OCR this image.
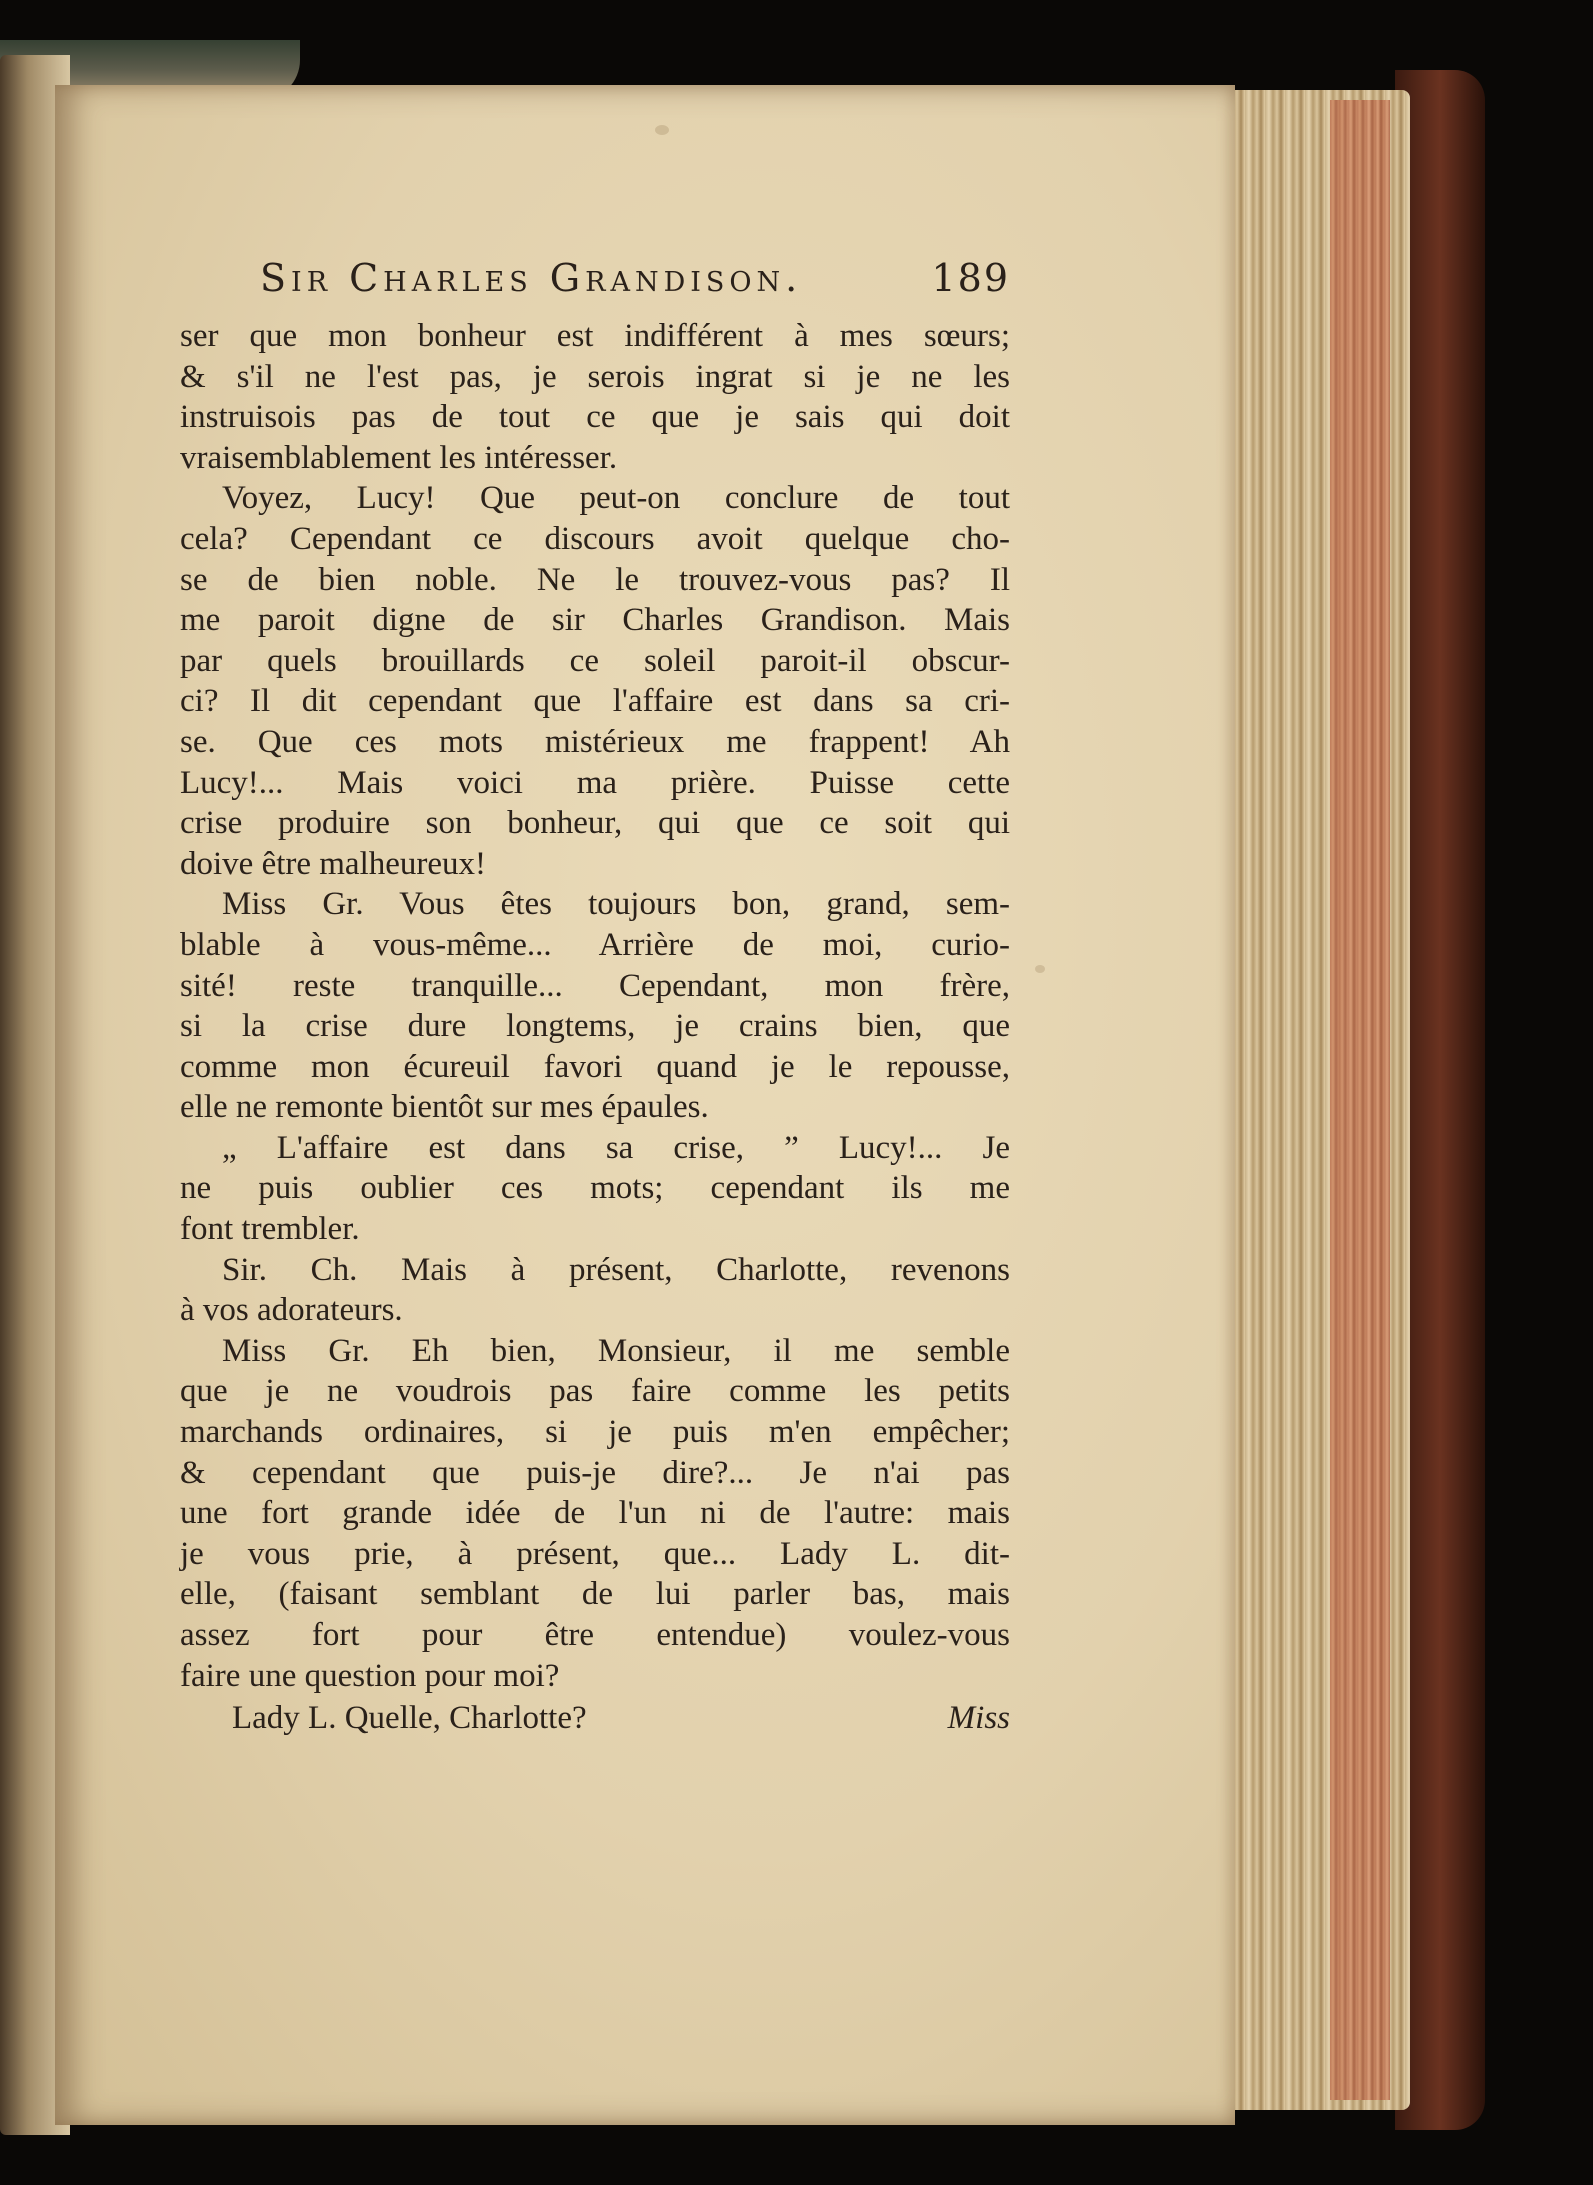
Sir Charles Grandison.	189
ser que mon bonheur est indifférent à mes sœurs;
& s'il ne l'est pas, je serois ingrat si je ne les
instruisois pas de tout ce que je sais qui doit
vraisemblablement les intéresser.
Voyez, Lucy! Que peut-on conclure de tout
cela? Cependant ce discours avoit quelque cho-
se de bien noble. Ne le trouvez-vous pas? Il
me paroit digne de sir Charles Grandison. Mais
par quels brouillards ce soleil paroit-il obscur-
ci? Il dit cependant que l'affaire est dans sa cri-
se. Que ces mots mistérieux me frappent! Ah
Lucy!... Mais voici ma prière. Puisse cette
crise produire son bonheur, qui que ce soit qui
doive être malheureux!
Miss Gr. Vous êtes toujours bon, grand, sem-
blable à vous-même... Arrière de moi, curio-
sité! reste tranquille... Cependant, mon frère,
si la crise dure longtems, je crains bien, que
comme mon écureuil favori quand je le repousse,
elle ne remonte bientôt sur mes épaules.
„ L'affaire est dans sa crise, ” Lucy!... Je
ne puis oublier ces mots; cependant ils me
font trembler.
Sir. Ch. Mais à présent, Charlotte, revenons
à vos adorateurs.
Miss Gr. Eh bien, Monsieur, il me semble
que je ne voudrois pas faire comme les petits
marchands ordinaires, si je puis m'en empêcher;
& cependant que puis-je dire?... Je n'ai pas
une fort grande idée de l'un ni de l'autre: mais
je vous prie, à présent, que... Lady L. dit-
elle, (faisant semblant de lui parler bas, mais
assez fort pour être entendue) voulez-vous
faire une question pour moi?
Lady L. Quelle, Charlotte?	Miss
